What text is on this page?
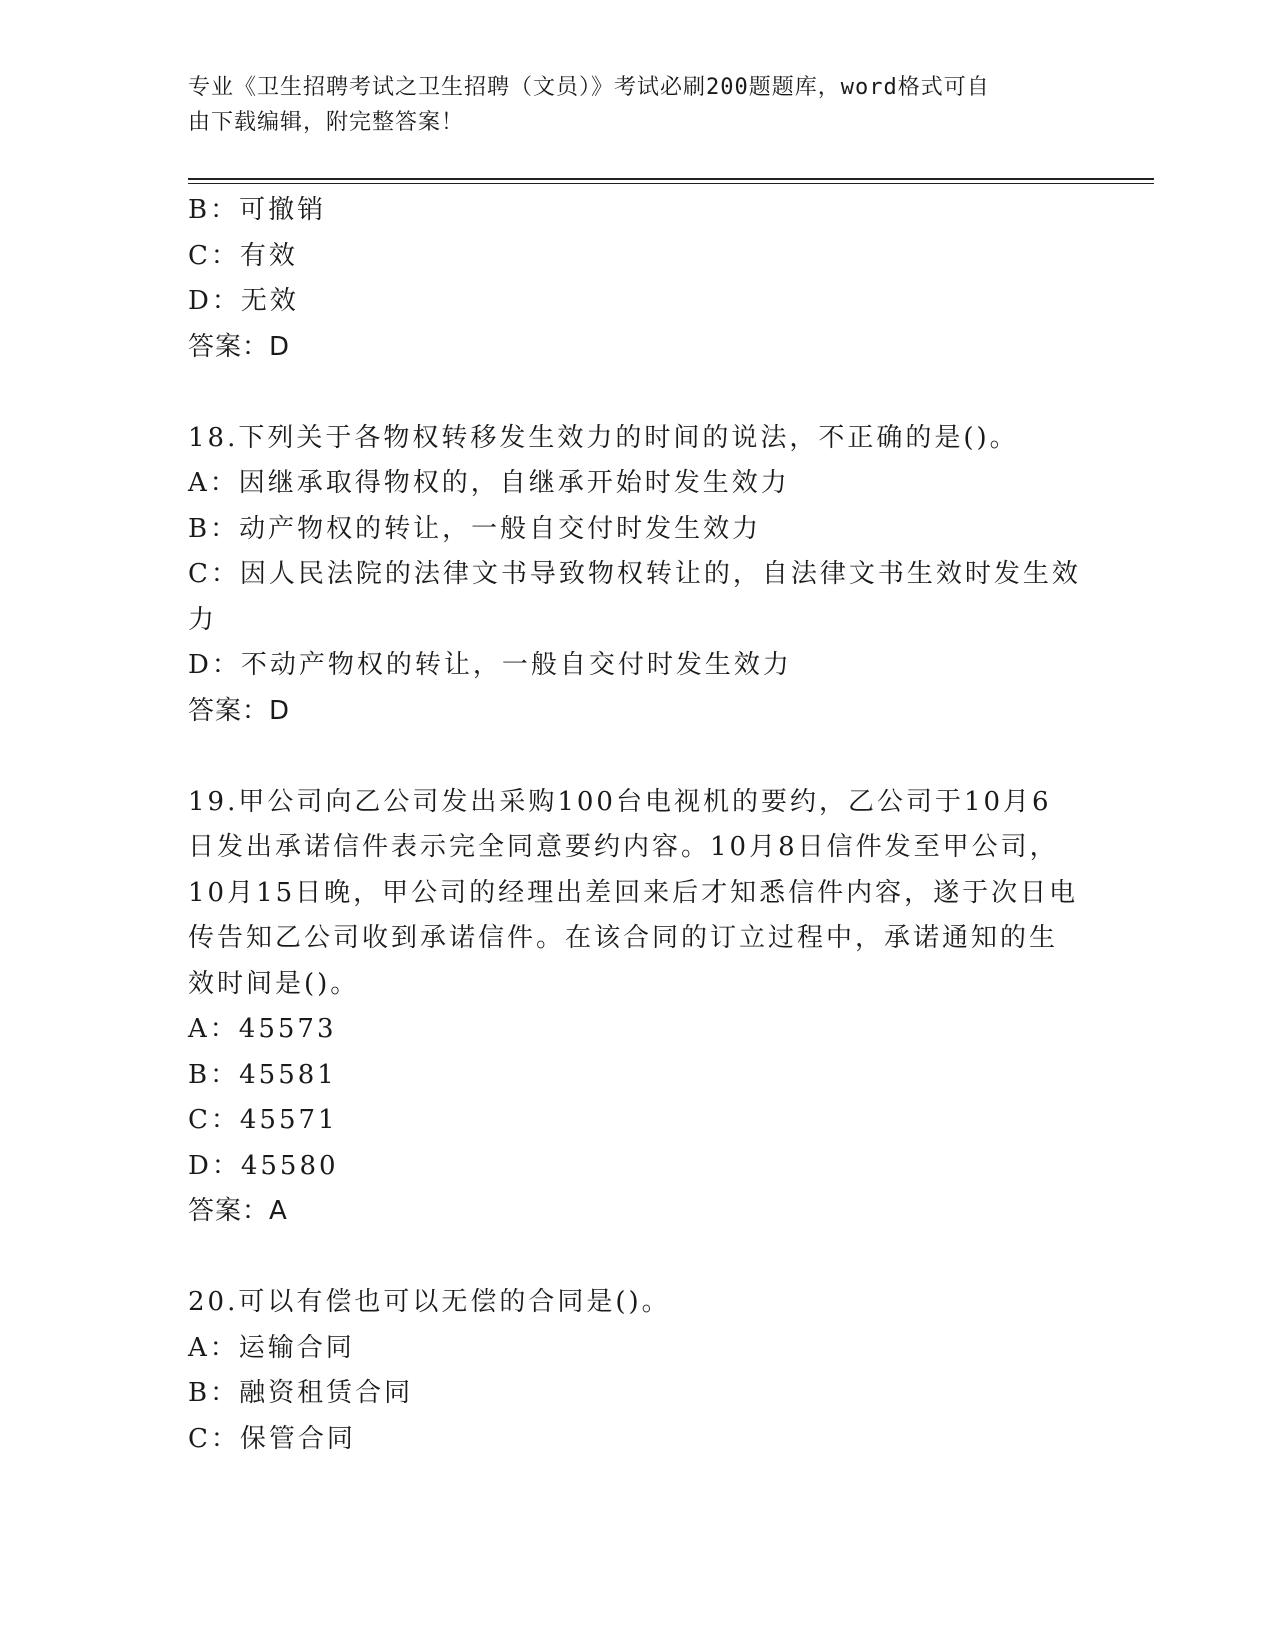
专业《卫生招聘考试之卫生招聘（文员）》考试必刷200题题库，word格式可自
由下载编辑，附完整答案！
B：可撤销
C：有效
D：无效
答案：D
18.下列关于各物权转移发生效力的时间的说法，不正确的是()。
A：因继承取得物权的，自继承开始时发生效力
B：动产物权的转让，一般自交付时发生效力
C：因人民法院的法律文书导致物权转让的，自法律文书生效时发生效
力
D：不动产物权的转让，一般自交付时发生效力
答案：D
19.甲公司向乙公司发出采购100台电视机的要约，乙公司于10月6
日发出承诺信件表示完全同意要约内容。10月8日信件发至甲公司，
10月15日晚，甲公司的经理出差回来后才知悉信件内容，遂于次日电
传告知乙公司收到承诺信件。在该合同的订立过程中，承诺通知的生
效时间是()。
A：45573
B：45581
C：45571
D：45580
答案：A
20.可以有偿也可以无偿的合同是()。
A：运输合同
B：融资租赁合同
C：保管合同
